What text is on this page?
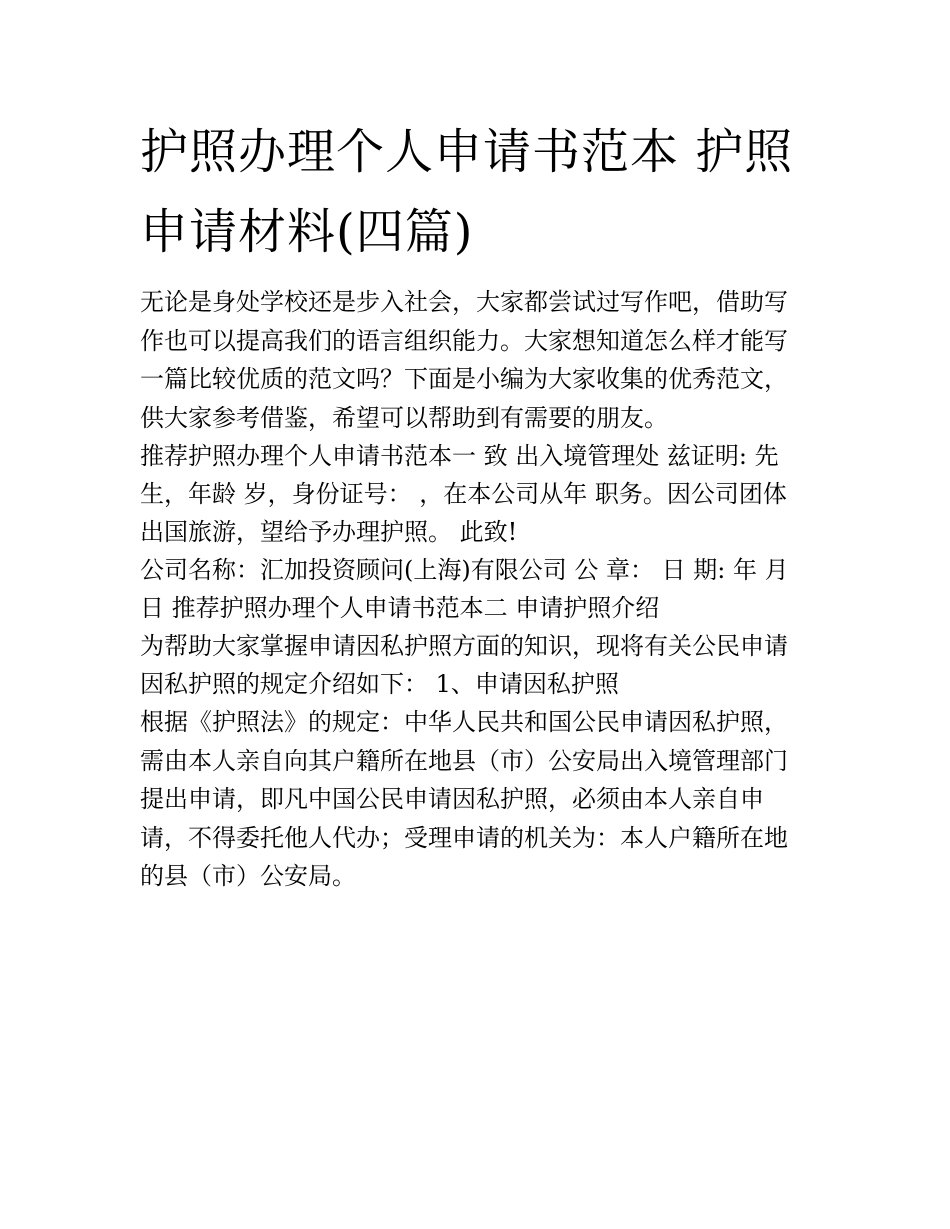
护照办理个人申请书范本 护照
申请材料(四篇)

无论是身处学校还是步入社会，大家都尝试过写作吧，借助写
作也可以提高我们的语言组织能力。大家想知道怎么样才能写
一篇比较优质的范文吗？下面是小编为大家收集的优秀范文，
供大家参考借鉴，希望可以帮助到有需要的朋友。

推荐护照办理个人申请书范本一 致 出入境管理处 兹证明: 先
生，年龄 岁，身份证号： ，在本公司从年 职务。因公司团体
出国旅游，望给予办理护照。 此致!

公司名称：汇加投资顾问(上海)有限公司 公 章： 日 期: 年 月
日 推荐护照办理个人申请书范本二 申请护照介绍

为帮助大家掌握申请因私护照方面的知识，现将有关公民申请
因私护照的规定介绍如下： 1、申请因私护照

根据《护照法》的规定：中华人民共和国公民申请因私护照，
需由本人亲自向其户籍所在地县（市）公安局出入境管理部门
提出申请，即凡中国公民申请因私护照，必须由本人亲自申
请，不得委托他人代办；受理申请的机关为：本人户籍所在地
的县（市）公安局。
